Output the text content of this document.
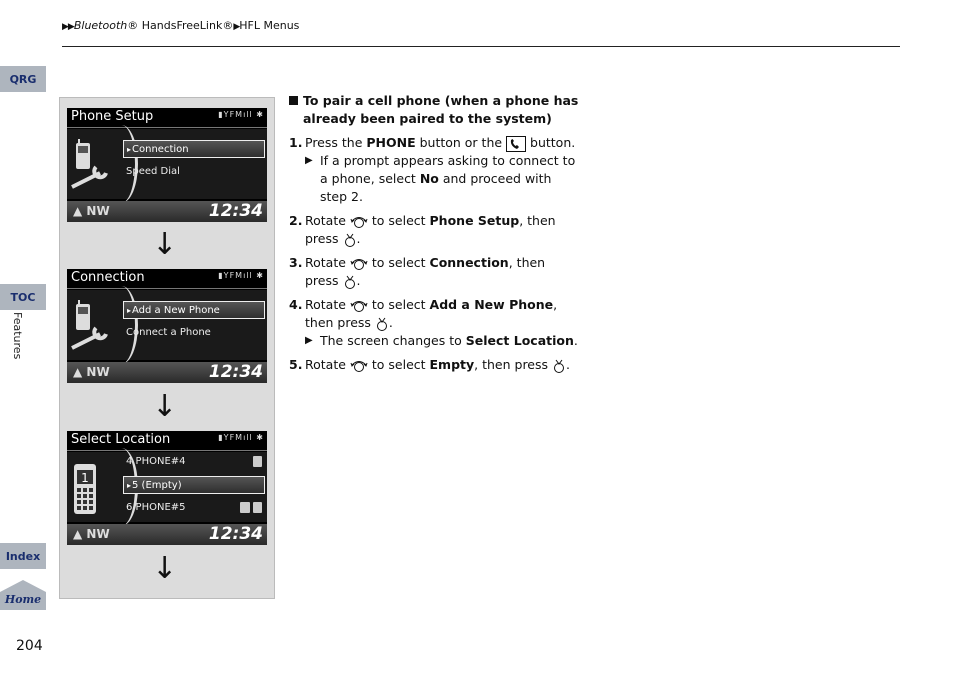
▶▶Bluetooth® HandsFreeLink®▶HFL Menus
QRG
TOC
Features
Index
Home
204
Phone Setup	▮YFMıll ✱
▸ Connection
Speed Dial
▲ NW	12:34
↓
Connection	▮YFMıll ✱
▸ Add a New Phone
Connect a Phone
▲ NW	12:34
↓
Select Location	▮YFMıll ✱
1
4 PHONE#4
▸ 5 (Empty)
6 PHONE#5
▲ NW	12:34
↓
To pair a cell phone (when a phone has already been paired to the system)
1. Press the PHONE button or the  button.
▶ If a prompt appears asking to connect to a phone, select No and proceed with step 2.
2. Rotate  to select Phone Setup, then press .
3. Rotate  to select Connection, then press .
4. Rotate  to select Add a New Phone, then press .
▶ The screen changes to Select Location.
5. Rotate  to select Empty, then press .
